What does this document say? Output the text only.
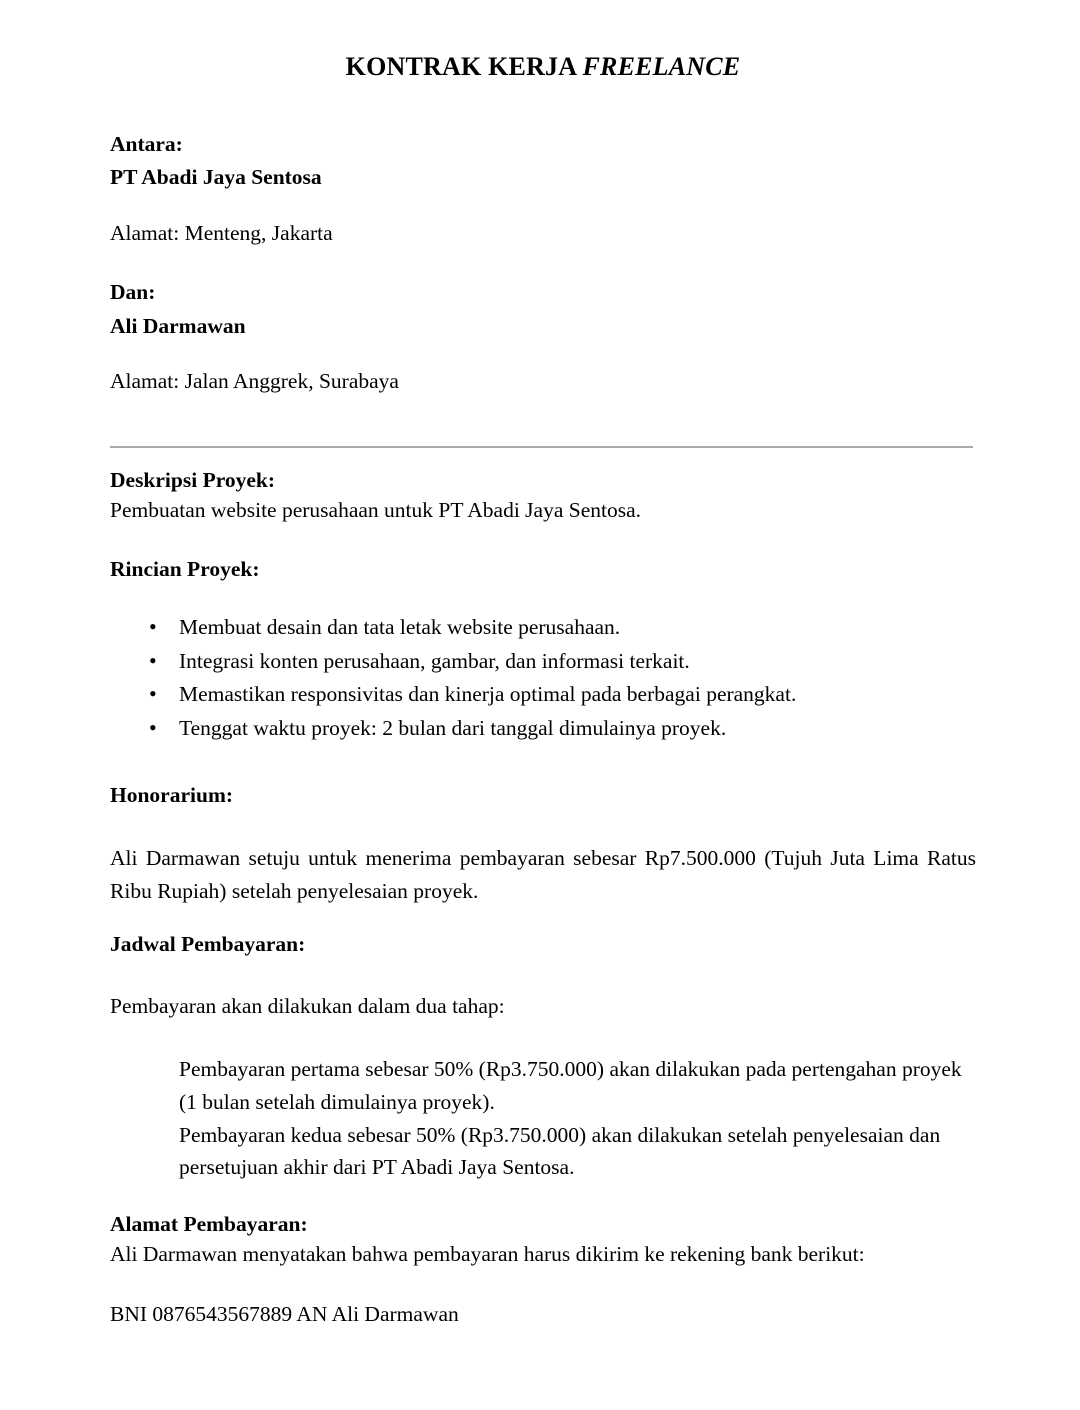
KONTRAK KERJA FREELANCE

Antara:

PT Abadi Jaya Sentosa

Alamat: Menteng, Jakarta

Dan:

Ali Darmawan

Alamat: Jalan Anggrek, Surabaya

Deskripsi Proyek:

Pembuatan website perusahaan untuk PT Abadi Jaya Sentosa.

Rincian Proyek:

• Membuat desain dan tata letak website perusahaan.
• Integrasi konten perusahaan, gambar, dan informasi terkait.
• Memastikan responsivitas dan kinerja optimal pada berbagai perangkat.
• Tenggat waktu proyek: 2 bulan dari tanggal dimulainya proyek.

Honorarium:

Ali Darmawan setuju untuk menerima pembayaran sebesar Rp7.500.000 (Tujuh Juta Lima Ratus Ribu Rupiah) setelah penyelesaian proyek.

Jadwal Pembayaran:

Pembayaran akan dilakukan dalam dua tahap:

Pembayaran pertama sebesar 50% (Rp3.750.000) akan dilakukan pada pertengahan proyek (1 bulan setelah dimulainya proyek).

Pembayaran kedua sebesar 50% (Rp3.750.000) akan dilakukan setelah penyelesaian dan persetujuan akhir dari PT Abadi Jaya Sentosa.

Alamat Pembayaran:

Ali Darmawan menyatakan bahwa pembayaran harus dikirim ke rekening bank berikut:

BNI 0876543567889 AN Ali Darmawan
